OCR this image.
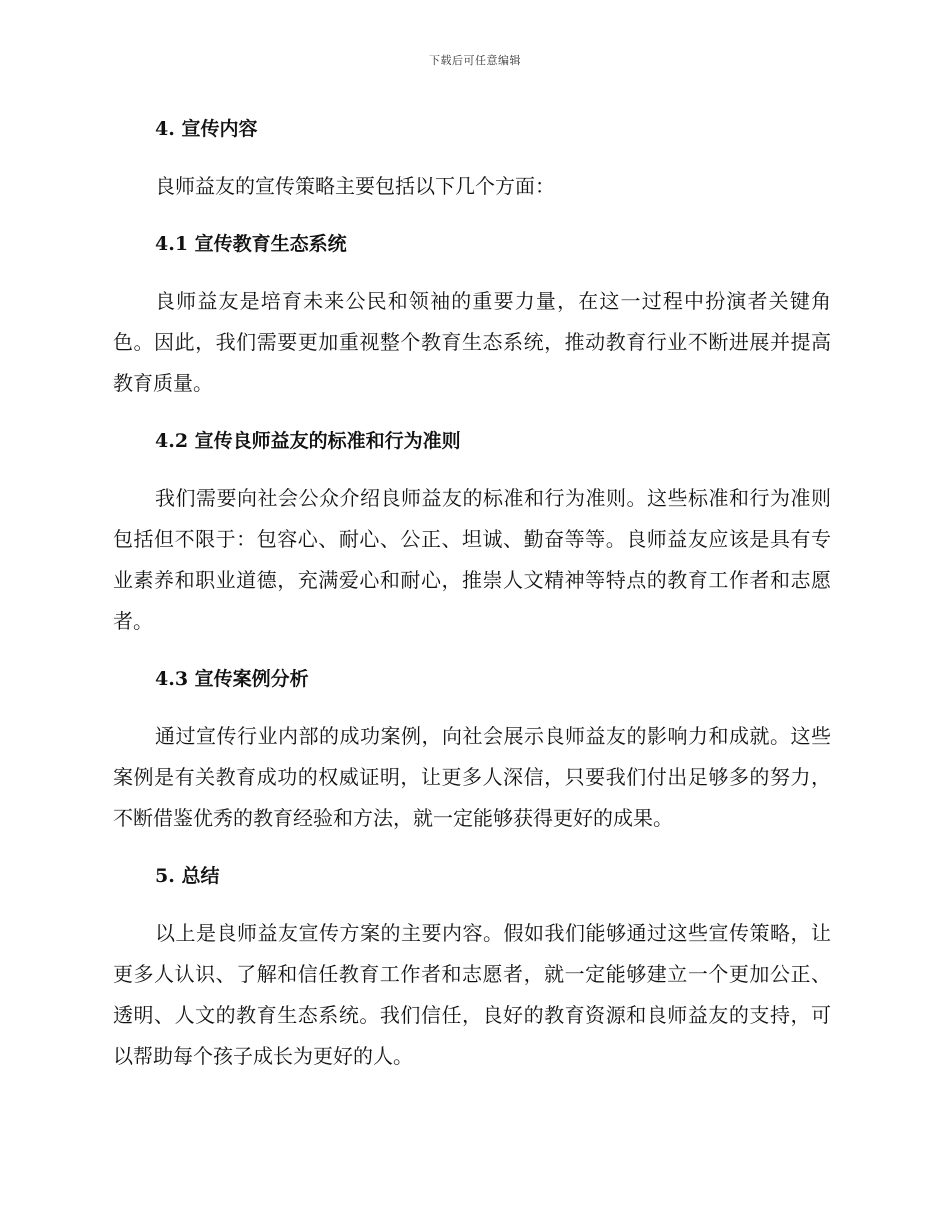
下载后可任意编辑
4. 宣传内容

良师益友的宣传策略主要包括以下几个方面：

4.1 宣传教育生态系统

良师益友是培育未来公民和领袖的重要力量，在这一过程中扮演者关键角色。因此，我们需要更加重视整个教育生态系统，推动教育行业不断进展并提高教育质量。

4.2 宣传良师益友的标准和行为准则

我们需要向社会公众介绍良师益友的标准和行为准则。这些标准和行为准则包括但不限于：包容心、耐心、公正、坦诚、勤奋等等。良师益友应该是具有专业素养和职业道德，充满爱心和耐心，推崇人文精神等特点的教育工作者和志愿者。

4.3 宣传案例分析

通过宣传行业内部的成功案例，向社会展示良师益友的影响力和成就。这些案例是有关教育成功的权威证明，让更多人深信，只要我们付出足够多的努力，不断借鉴优秀的教育经验和方法，就一定能够获得更好的成果。

5. 总结

以上是良师益友宣传方案的主要内容。假如我们能够通过这些宣传策略，让更多人认识、了解和信任教育工作者和志愿者，就一定能够建立一个更加公正、透明、人文的教育生态系统。我们信任，良好的教育资源和良师益友的支持，可以帮助每个孩子成长为更好的人。
